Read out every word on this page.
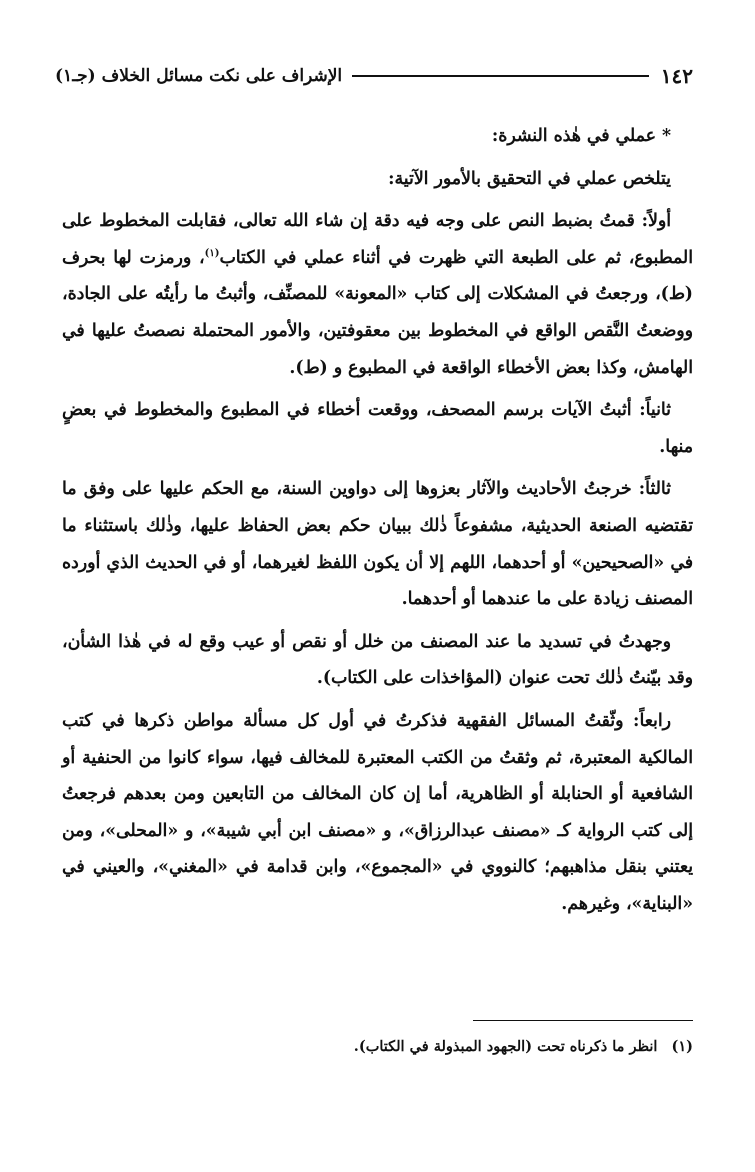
١٤٢
الإشراف على نكت مسائل الخلاف (جـ١)

* عملي في هٰذه النشرة:

يتلخص عملي في التحقيق بالأمور الآتية:

أولاً: قمتُ بضبط النص على وجه فيه دقة إن شاء الله تعالى، فقابلت المخطوط على المطبوع، ثم على الطبعة التي ظهرت في أثناء عملي في الكتاب$^{(١)}$، ورمزت لها بحرف (ط)، ورجعتُ في المشكلات إلى كتاب «المعونة» للمصنِّف، وأثبتُ ما رأيتُه على الجادة، ووضعتُ النَّقص الواقع في المخطوط بين معقوفتين، والأمور المحتملة نصصتُ عليها في الهامش، وكذا بعض الأخطاء الواقعة في المطبوع و (ط).

ثانياً: أثبتُ الآيات برسم المصحف، ووقعت أخطاء في المطبوع والمخطوط في بعضٍ منها.

ثالثاً: خرجتُ الأحاديث والآثار بعزوها إلى دواوين السنة، مع الحكم عليها على وفق ما تقتضيه الصنعة الحديثية، مشفوعاً ذٰلك ببيان حكم بعض الحفاظ عليها، وذٰلك باستثناء ما في «الصحيحين» أو أحدهما، اللهم إلا أن يكون اللفظ لغيرهما، أو في الحديث الذي أورده المصنف زيادة على ما عندهما أو أحدهما.

وجهدتُ في تسديد ما عند المصنف من خلل أو نقص أو عيب وقع له في هٰذا الشأن، وقد بيّنتُ ذٰلك تحت عنوان (المؤاخذات على الكتاب).

رابعاً: وثّقتُ المسائل الفقهية فذكرتُ في أول كل مسألة مواطن ذكرها في كتب المالكية المعتبرة، ثم وثقتُ من الكتب المعتبرة للمخالف فيها، سواء كانوا من الحنفية أو الشافعية أو الحنابلة أو الظاهرية، أما إن كان المخالف من التابعين ومن بعدهم فرجعتُ إلى كتب الرواية كـ «مصنف عبدالرزاق»، و «مصنف ابن أبي شيبة»، و «المحلى»، ومن يعتني بنقل مذاهبهم؛ كالنووي في «المجموع»، وابن قدامة في «المغني»، والعيني في «البناية»، وغيرهم.

(١)
انظر ما ذكرناه تحت (الجهود المبذولة في الكتاب).
